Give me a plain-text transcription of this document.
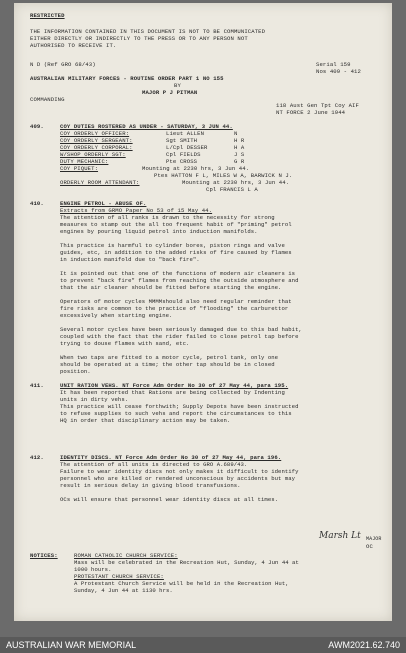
RESTRICTED
THE INFORMATION CONTAINED IN THIS DOCUMENT IS NOT TO BE COMMUNICATED
EITHER DIRECTLY OR INDIRECTLY TO THE PRESS OR TO ANY PERSON NOT
AUTHORISED TO RECEIVE IT.
N D (Ref GRO 68/43)	Serial 159
Nos 409 - 412
AUSTRALIAN MILITARY FORCES - ROUTINE ORDER PART 1 NO 155
BY
MAJOR P J PITMAN
COMMANDING
118 Aust Gen Tpt Coy AIF
NT FORCE 2 June 1944
409.	COY DUTIES ROSTERED AS UNDER - SATURDAY, 3 JUN 44.
COY ORDERLY OFFICER:	Lieut ALLEN	N
COY ORDERLY SERGEANT:	Sgt SMITH	H R
COY ORDERLY CORPORAL:	L/Cpl DESSER	H A
W/SHOP ORDERLY SGT:	Cpl FIELDS	J S
DUTY MECHANIC:	Pte CROSS	G R
COY PIQUET:	Mounting at 2230 hrs, 3 Jun 44.
Ptes HATTON F L, MILES W A, BARWICK N J.
ORDERLY ROOM ATTENDANT:	Mounting at 2230 hrs, 3 Jun 44.
Cpl FRANCIS L A
410.	ENGINE PETROL - ABUSE OF.
Extracts from GRMO Paper No 53 of 15 May 44.
The attention of all ranks is drawn to the necessity for strong
measures to stamp out the all too frequent habit of "priming" petrol
engines by pouring liquid petrol into induction manifolds.
This practice is harmful to cylinder bores, piston rings and valve
guides, etc, in addition to the added risks of fire caused by flames
in induction manifold due to "back fire".
It is pointed out that one of the functions of modern air cleaners is
to prevent "back fire" flames from reaching the outside atmosphere and
that the air cleaner should be fitted before starting the engine.
Operators of motor cycles MMMMshould also need regular reminder that
fire risks are common to the practice of "flooding" the carburettor
excessively when starting engine.
Several motor cycles have been seriously damaged due to this bad habit,
coupled with the fact that the rider failed to close petrol tap before
trying to douse flames with sand, etc.
When two taps are fitted to a motor cycle, petrol tank, only one
should be operated at a time; the other tap should be in closed
position.
411.	UNIT RATION VEHS. NT Force Adm Order No 30 of 27 May 44, para 195.
It has been reported that Rations are being collected by Indenting
units in dirty vehs.
This practice will cease forthwith; Supply Depots have been instructed
to refuse supplies to such vehs and report the circumstances to this
HQ in order that disciplinary action may be taken.
412.	IDENTITY DISCS. NT Force Adm Order No 30 of 27 May 44, para 196.
The attention of all units is directed to GRO A.689/43.
Failure to wear identity discs not only makes it difficult to identify
personnel who are killed or rendered unconscious by accidents but may
result in serious delay in giving blood transfusions.
OCs will ensure that personnel wear identity discs at all times.
Marsh Lt MAJOR
OC
NOTICES:	ROMAN CATHOLIC CHURCH SERVICE:
Mass will be celebrated in the Recreation Hut, Sunday, 4 Jun 44 at
1000 hours.
PROTESTANT CHURCH SERVICE:
A Protestant Church Service will be held in the Recreation Hut,
Sunday, 4 Jun 44 at 1130 hrs.
AUSTRALIAN WAR MEMORIAL	AWM2021.62.740
